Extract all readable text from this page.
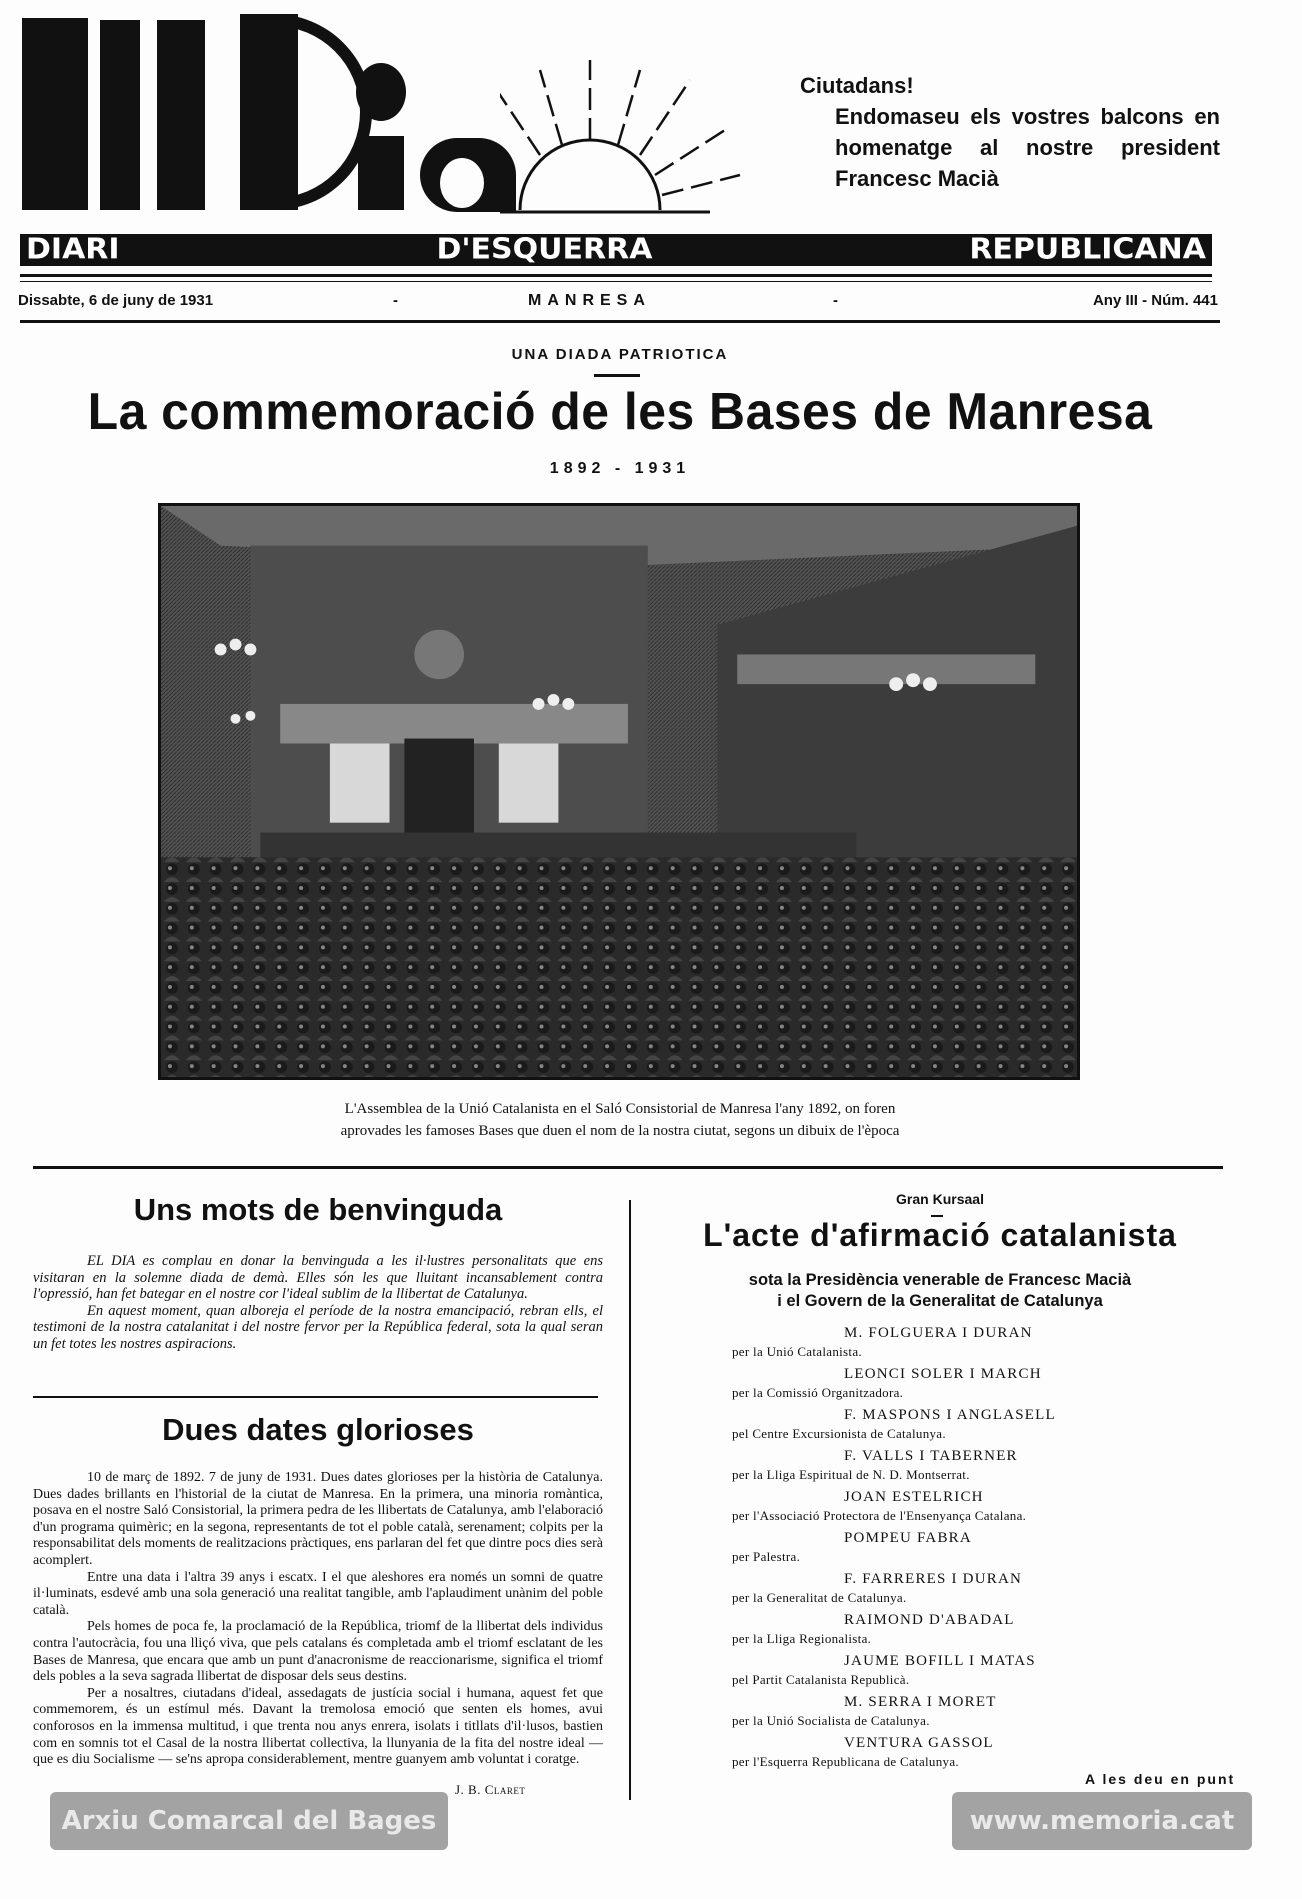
Ciutadans!
Endomaseu els vostres balcons en homenatge al nostre president Francesc Macià
DIARI	D'ESQUERRA	REPUBLICANA
Dissabte, 6 de juny de 1931	-	MANRESA	-	Any III - Núm. 441
UNA DIADA PATRIOTICA
La commemoració de les Bases de Manresa
1892 - 1931
L'Assemblea de la Unió Catalanista en el Saló Consistorial de Manresa l'any 1892, on foren
aprovades les famoses Bases que duen el nom de la nostra ciutat, segons un dibuix de l'època
Uns mots de benvinguda

EL DIA es complau en donar la benvinguda a les il·lustres personalitats que ens visitaran en la solemne diada de demà. Elles són les que lluitant incansablement contra l'opressió, han fet bategar en el nostre cor l'ideal sublim de la llibertat de Catalunya.

En aquest moment, quan alboreja el període de la nostra emancipació, rebran ells, el testimoni de la nostra catalanitat i del nostre fervor per la República federal, sota la qual seran un fet totes les nostres aspiracions.

Dues dates glorioses

10 de març de 1892. 7 de juny de 1931. Dues dates glorioses per la història de Catalunya. Dues dades brillants en l'historial de la ciutat de Manresa. En la primera, una minoria romàntica, posava en el nostre Saló Consistorial, la primera pedra de les llibertats de Catalunya, amb l'elaboració d'un programa quimèric; en la segona, representants de tot el poble català, serenament; colpits per la responsabilitat dels moments de realitzacions pràctiques, ens parlaran del fet que dintre pocs dies serà acomplert.

Entre una data i l'altra 39 anys i escatx. I el que aleshores era només un somni de quatre il·luminats, esdevé amb una sola generació una realitat tangible, amb l'aplaudiment unànim del poble català.

Pels homes de poca fe, la proclamació de la República, triomf de la llibertat dels individus contra l'autocràcia, fou una lliçó viva, que pels catalans és completada amb el triomf esclatant de les Bases de Manresa, que encara que amb un punt d'anacronisme de reaccionarisme, significa el triomf dels pobles a la seva sagrada llibertat de disposar dels seus destins.

Per a nosaltres, ciutadans d'ideal, assedagats de justícia social i humana, aquest fet que commemorem, és un estímul més. Davant la tremolosa emoció que senten els homes, avui conforosos en la immensa multitud, i que trenta nou anys enrera, isolats i titllats d'il·lusos, bastien com en somnis tot el Casal de la nostra llibertat collectiva, la llunyania de la fita del nostre ideal — que es diu Socialisme — se'ns apropa considerablement, mentre guanyem amb voluntat i coratge.

J. B. Claret
Gran Kursaal
L'acte d'afirmació catalanista
sota la Presidència venerable de Francesc Macià
i el Govern de la Generalitat de Catalunya
M. FOLGUERA I DURAN
per la Unió Catalanista.
LEONCI SOLER I MARCH
per la Comissió Organitzadora.
F. MASPONS I ANGLASELL
pel Centre Excursionista de Catalunya.
F. VALLS I TABERNER
per la Lliga Espiritual de N. D. Montserrat.
JOAN ESTELRICH
per l'Associació Protectora de l'Ensenyança Catalana.
POMPEU FABRA
per Palestra.
F. FARRERES I DURAN
per la Generalitat de Catalunya.
RAIMOND D'ABADAL
per la Lliga Regionalista.
JAUME BOFILL I MATAS
pel Partit Catalanista Republicà.
M. SERRA I MORET
per la Unió Socialista de Catalunya.
VENTURA GASSOL
per l'Esquerra Republicana de Catalunya.
A les deu en punt
Arxiu Comarcal del Bages	www.memoria.cat
